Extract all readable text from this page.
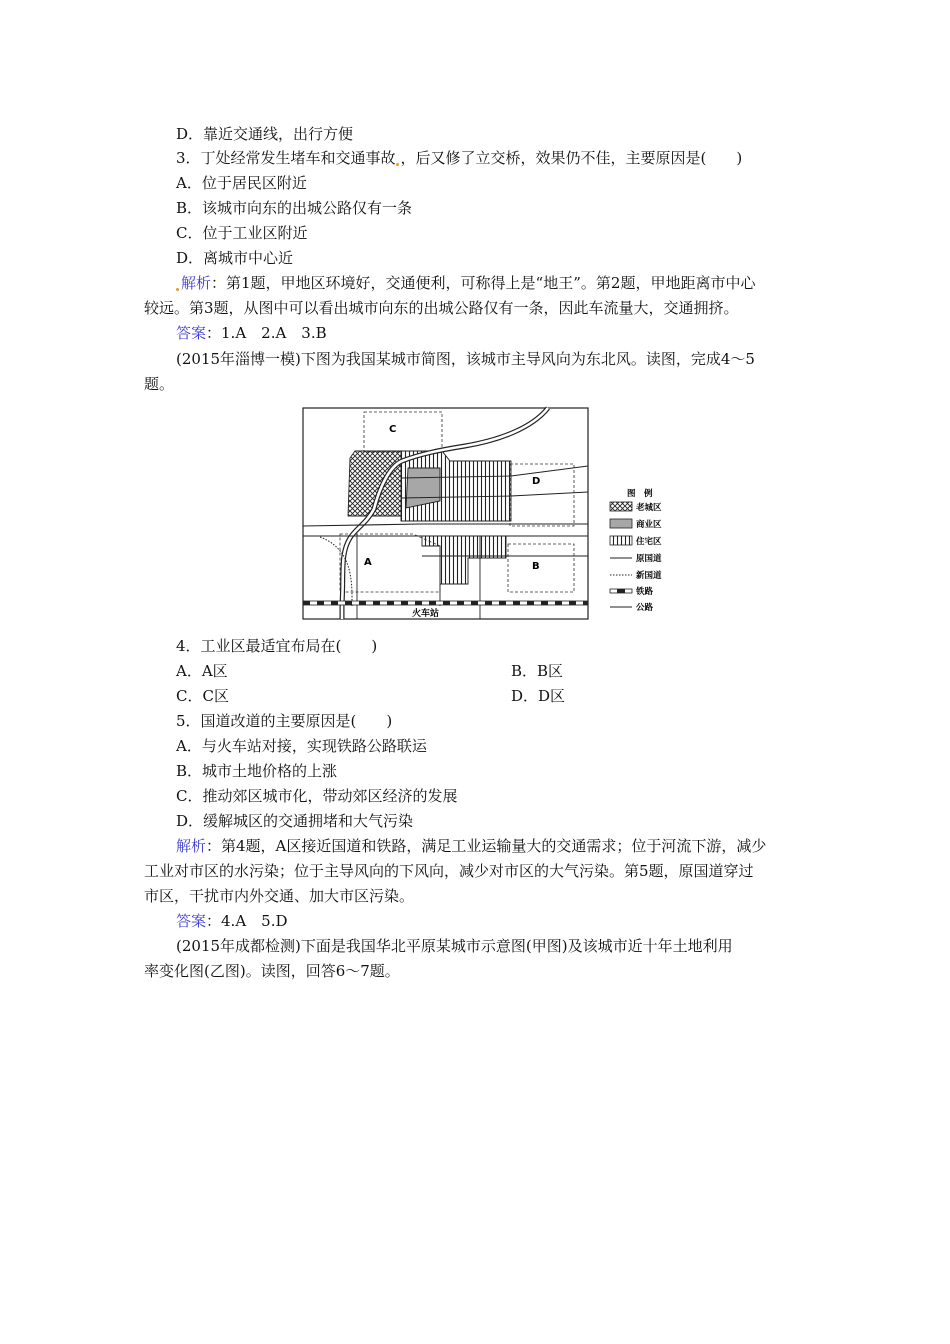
D．靠近交通线，出行方便
3．丁处经常发生堵车和交通事故 ，后又修了立交桥，效果仍不佳，主要原因是(　　)
A．位于居民区附近
B．该城市向东的出城公路仅有一条
C．位于工业区附近
D．离城市中心近
解析：第1题，甲地区环境好，交通便利，可称得上是“地王”。第2题，甲地距离市中心
较远。第3题，从图中可以看出城市向东的出城公路仅有一条，因此车流量大，交通拥挤。
答案：1.A　2.A　3.B
(2015年淄博一模)下图为我国某城市简图，该城市主导风向为东北风。读图，完成4～5
题。
C
D
A	B
火车站
图　例
老城区
商业区
住宅区
原国道
新国道
铁路
公路
4．工业区最适宜布局在(　　)
A．A区	B．B区
C．C区	D．D区
5．国道改道的主要原因是(　　)
A．与火车站对接，实现铁路公路联运
B．城市土地价格的上涨
C．推动郊区城市化，带动郊区经济的发展
D．缓解城区的交通拥堵和大气污染
解析：第4题，A区接近国道和铁路，满足工业运输量大的交通需求；位于河流下游，减少
工业对市区的水污染；位于主导风向的下风向，减少对市区的大气污染。第5题，原国道穿过
市区，干扰市内外交通、加大市区污染。
答案：4.A　5.D
(2015年成都检测)下面是我国华北平原某城市示意图(甲图)及该城市近十年土地利用
率变化图(乙图)。读图，回答6～7题。
